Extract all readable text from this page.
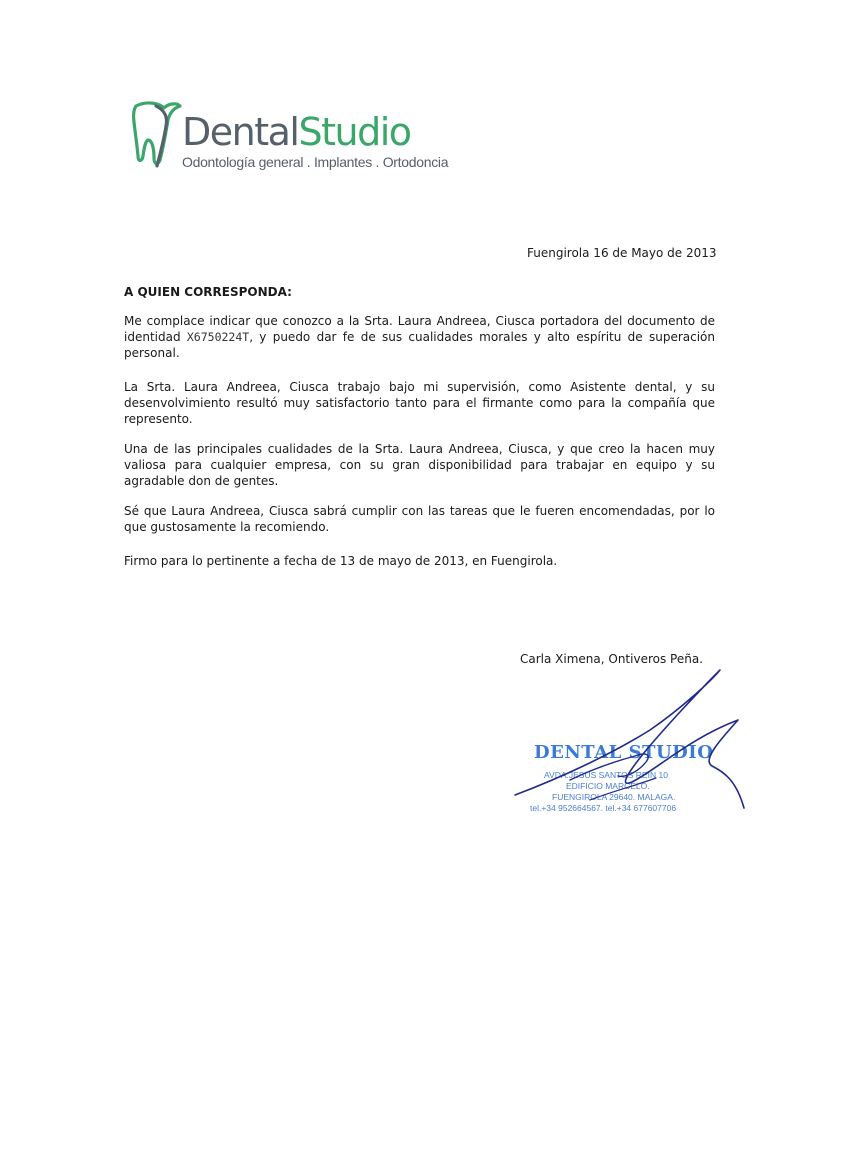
DentalStudio
Odontología general . Implantes . Ortodoncia
Fuengirola 16 de Mayo de 2013
A QUIEN CORRESPONDA:

Me complace indicar que conozco a la Srta. Laura Andreea, Ciusca portadora del documento de identidad X6750224T, y puedo dar fe de sus cualidades morales y alto espíritu de superación personal.

La Srta. Laura Andreea, Ciusca trabajo bajo mi supervisión, como Asistente dental, y su desenvolvimiento resultó muy satisfactorio tanto para el firmante como para la compañía que represento.

Una de las principales cualidades de la Srta. Laura Andreea, Ciusca, y que creo la hacen muy valiosa para cualquier empresa, con su gran disponibilidad para trabajar en equipo y su agradable don de gentes.

Sé que Laura Andreea, Ciusca sabrá cumplir con las tareas que le fueren encomendadas, por lo que gustosamente la recomiendo.

Firmo para lo pertinente a fecha de 13 de mayo de 2013, en Fuengirola.

Carla Ximena, Ontiveros Peña.
DENTAL STUDIO
AVDA.JESUS SANTOS REIN 10
EDIFICIO MARCELO.
FUENGIROLA 29640. MALAGA.
tel.+34 952664567. tel.+34 677607706
